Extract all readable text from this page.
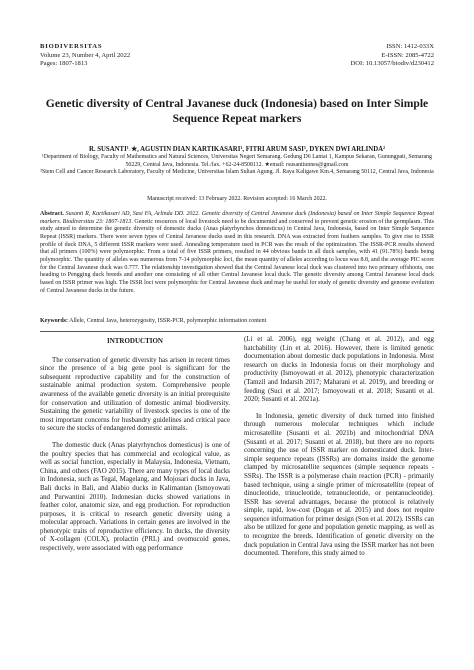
BIODIVERSITAS
Volume 23, Number 4, April 2022
Pages: 1807-1813
ISSN: 1412-033X
E-ISSN: 2085-4722
DOI: 10.13057/biodiv/d230412
Genetic diversity of Central Javanese duck (Indonesia) based on Inter Simple Sequence Repeat markers
R. SUSANTI¹˒★, AGUSTIN DIAN KARTIKASARI¹, FITRI ARUM SASI¹, DYKEN DWI ARLINDA²
¹Department of Biology, Faculty of Mathematics and Natural Sciences, Universitas Negeri Semarang. Gedung D6 Lantai 1, Kampus Sekaran, Gunungpati, Semarang 50229, Central Java, Indonesia. Tel./fax. +62-24-8508112. ★email: rsusantiunnes@gmail.com
²Stem Cell and Cancer Research Laboratory, Faculty of Medicine, Universitas Islam Sultan Agung. Jl. Raya Kaligawe Km.4, Semarang 50112, Central Java, Indonesia
Manuscript received: 13 February 2022. Revision accepted: 16 March 2022.
Abstract. Susanti R, Kartikasari AD, Sasi FA, Arlinda DD. 2022. Genetic diversity of Central Javanese duck (Indonesia) based on Inter Simple Sequence Repeat markers. Biodiversitas 23: 1807-1813. Genetic resources of local livestock need to be documented and conserved to prevent genetic erosion of the germplasm. This study aimed to determine the genetic diversity of domestic ducks (Anas platyrhynchos domesticus) in Central Java, Indonesia, based on Inter Simple Sequence Repeat (ISSR) markers. There were seven types of Central Javanese ducks used in this research. DNA was extracted from feathers samples. To give rise to ISSR profile of duck DNA, 5 different ISSR markers were used. Annealing temperature used in PCR was the result of the optimization. The ISSR-PCR results showed that all primers (100%) were polymorphic. From a total of five ISSR primers, resulted in 44 obvious bands in all duck samples, with 41 (91.78%) bands being polymorphic. The quantity of alleles was numerous from 7-14 polymorphic loci, the mean quantity of alleles according to locus was 8.8, and the average PIC score for the Central Javanese duck was 0.777. The relationship investigation showed that the Central Javanese local duck was clustered into two primary offshoots, one heading to Pengging duck breeds and another one consisting of all other Central Javanese local duck. The genetic diversity among Central Javanese local duck based on ISSR primer was high. The ISSR loci were polymorphic for Central Javanese duck and may be useful for study of genetic diversity and genome evolution of Central Javanese ducks in the future.
Keywords: Allele, Central Java, heterozygosity, ISSR-PCR, polymorphic information content
INTRODUCTION

The conservation of genetic diversity has arisen in recent times since the presence of a big gene pool is significant for the subsequent reproductive capability and for the construction of sustainable animal production system. Comprehensive people awareness of the available genetic diversity is an initial prerequisite for conservation and utilization of domestic animal biodiversity. Sustaining the genetic variability of livestock species is one of the most important concerns for husbandry guidelines and critical pace to secure the stocks of endangered domestic animals.

The domestic duck (Anas platyrhynchos domesticus) is one of the poultry species that has commercial and ecological value, as well as social function, especially in Malaysia, Indonesia, Vietnam, China, and others (FAO 2015). There are many types of local ducks in Indonesia, such as Tegal, Magelang, and Mojosari ducks in Java, Bali ducks in Bali, and Alabio ducks in Kalimantan (Ismoyowati and Purwantini 2010). Indonesian ducks showed variations in feather color, anatomic size, and egg production. For reproduction purposes, it is critical to research genetic diversity using a molecular approach. Variations in certain genes are involved in the phenotypic traits of reproductive efficiency. In ducks, the diversity of X-collagen (COLX), prolactin (PRL) and ovomucoid genes, respectively, were associated with egg performance

(Li et al. 2006), egg weight (Chang et al. 2012), and egg hatchability (Lin et al. 2016). However, there is limited genetic documentation about domestic duck populations in Indonesia. Most research on ducks in Indonesia focus on their morphology and productivity (Ismoyowati et al. 2012), phenotypic characterization (Tamzil and Indarsih 2017; Maharani et al. 2019), and breeding or feeding (Suci et al. 2017; Ismoyowati et al. 2018; Susanti et al. 2020; Susanti et al. 2021a).

In Indonesia, genetic diversity of duck turned into finished through numerous molecular techniques which include microsatellite (Susanti et al. 2021b) and mitochondrial DNA (Susanti et al. 2017; Susanti et al. 2018), but there are no reports concerning the use of ISSR marker on domesticated duck. Inter-simple sequence repeats (ISSRs) are domains inside the genome clamped by microsatellite sequences (simple sequence repeats - SSRs). The ISSR is a polymerase chain reaction (PCR) - primarily based technique, using a single primer of microsatellite (repeat of dinucleotide, trinucleotide, tetranucleotide, or pentanucleotide). ISSR has several advantages, because the protocol is relatively simple, rapid, low-cost (Dogan et al. 2015) and does not require sequence information for primer design (Son et al. 2012). ISSRs can also be utilized for gene and population genetic mapping, as well as to recognize the breeds. Identification of genetic diversity on the duck population in Central Java using the ISSR marker has not been documented. Therefore, this study aimed to
